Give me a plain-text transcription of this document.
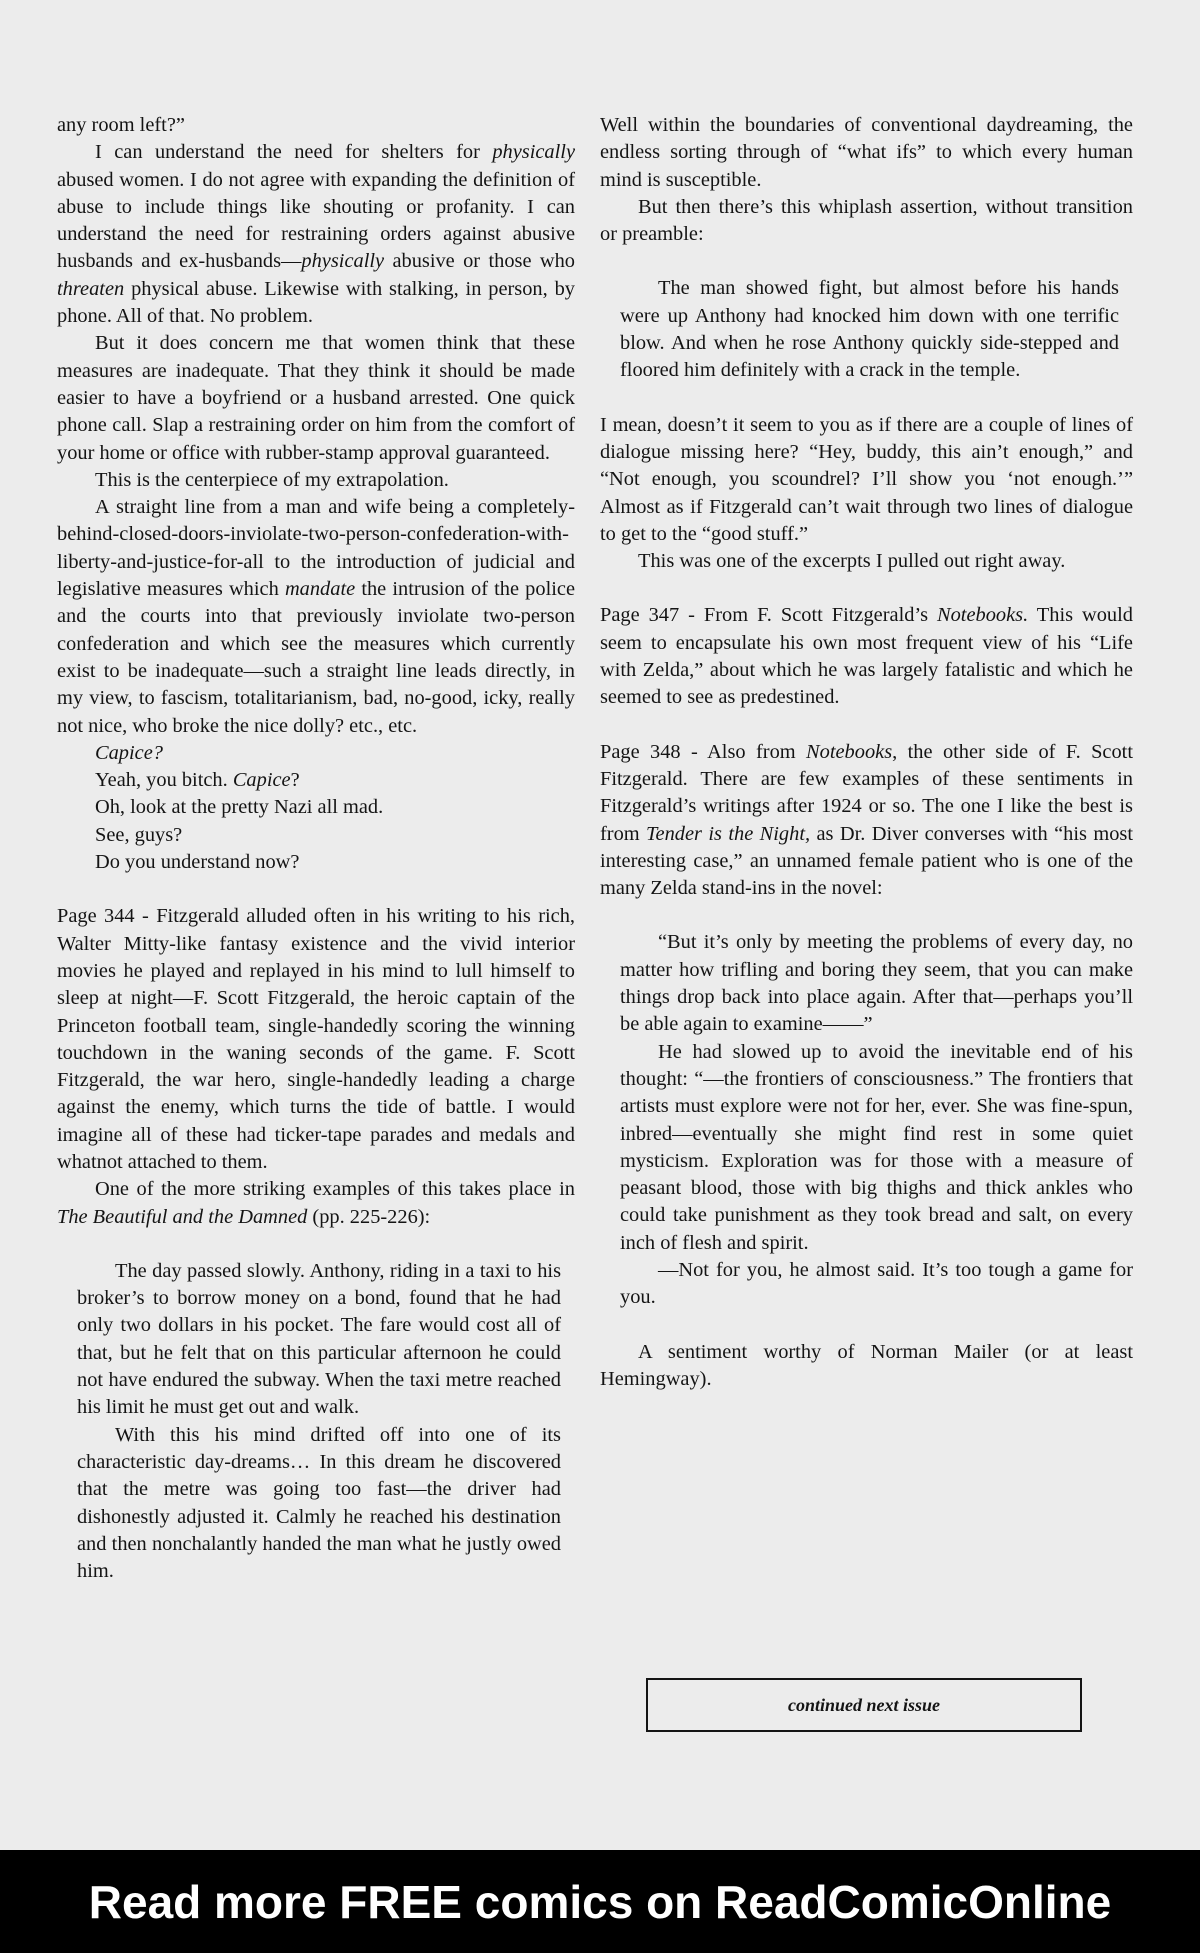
any room left?”

I can understand the need for shelters for physically abused women. I do not agree with expanding the definition of abuse to include things like shouting or profanity. I can understand the need for restraining orders against abusive husbands and ex-husbands—physically abusive or those who threaten physical abuse. Likewise with stalking, in person, by phone. All of that. No problem.

But it does concern me that women think that these measures are inadequate. That they think it should be made easier to have a boyfriend or a husband arrested. One quick phone call. Slap a restraining order on him from the comfort of your home or office with rubber-stamp approval guaranteed.

This is the centerpiece of my extrapolation.

A straight line from a man and wife being a completely-behind-closed-doors-inviolate-two-person-confederation-with-liberty-and-justice-for-all to the introduction of judicial and legislative measures which mandate the intrusion of the police and the courts into that previously inviolate two-person confederation and which see the measures which currently exist to be inadequate—such a straight line leads directly, in my view, to fascism, totalitarianism, bad, no-good, icky, really not nice, who broke the nice dolly? etc., etc.

Capice?

Yeah, you bitch. Capice?

Oh, look at the pretty Nazi all mad.

See, guys?

Do you understand now?

Page 344 - Fitzgerald alluded often in his writing to his rich, Walter Mitty-like fantasy existence and the vivid interior movies he played and replayed in his mind to lull himself to sleep at night—F. Scott Fitzgerald, the heroic captain of the Princeton football team, single-handedly scoring the winning touchdown in the waning seconds of the game. F. Scott Fitzgerald, the war hero, single-handedly leading a charge against the enemy, which turns the tide of battle. I would imagine all of these had ticker-tape parades and medals and whatnot attached to them.

One of the more striking examples of this takes place in The Beautiful and the Damned (pp. 225-226):

The day passed slowly. Anthony, riding in a taxi to his broker’s to borrow money on a bond, found that he had only two dollars in his pocket. The fare would cost all of that, but he felt that on this particular afternoon he could not have endured the subway. When the taxi metre reached his limit he must get out and walk.

With this his mind drifted off into one of its characteristic day-dreams… In this dream he discovered that the metre was going too fast—the driver had dishonestly adjusted it. Calmly he reached his destination and then nonchalantly handed the man what he justly owed him.

Well within the boundaries of conventional daydreaming, the endless sorting through of “what ifs” to which every human mind is susceptible.

But then there’s this whiplash assertion, without transition or preamble:

The man showed fight, but almost before his hands were up Anthony had knocked him down with one terrific blow. And when he rose Anthony quickly side-stepped and floored him definitely with a crack in the temple.

I mean, doesn’t it seem to you as if there are a couple of lines of dialogue missing here? “Hey, buddy, this ain’t enough,” and “Not enough, you scoundrel? I’ll show you ‘not enough.’” Almost as if Fitzgerald can’t wait through two lines of dialogue to get to the “good stuff.”

This was one of the excerpts I pulled out right away.

Page 347 - From F. Scott Fitzgerald’s Notebooks. This would seem to encapsulate his own most frequent view of his “Life with Zelda,” about which he was largely fatalistic and which he seemed to see as predestined.

Page 348 - Also from Notebooks, the other side of F. Scott Fitzgerald. There are few examples of these sentiments in Fitzgerald’s writings after 1924 or so. The one I like the best is from Tender is the Night, as Dr. Diver converses with “his most interesting case,” an unnamed female patient who is one of the many Zelda stand-ins in the novel:

“But it’s only by meeting the problems of every day, no matter how trifling and boring they seem, that you can make things drop back into place again. After that—perhaps you’ll be able again to examine——”

He had slowed up to avoid the inevitable end of his thought: “—the frontiers of consciousness.” The frontiers that artists must explore were not for her, ever. She was fine-spun, inbred—eventually she might find rest in some quiet mysticism. Exploration was for those with a measure of peasant blood, those with big thighs and thick ankles who could take punishment as they took bread and salt, on every inch of flesh and spirit.

—Not for you, he almost said. It’s too tough a game for you.

A sentiment worthy of Norman Mailer (or at least Hemingway).

continued next issue
Read more FREE comics on ReadComicOnline
